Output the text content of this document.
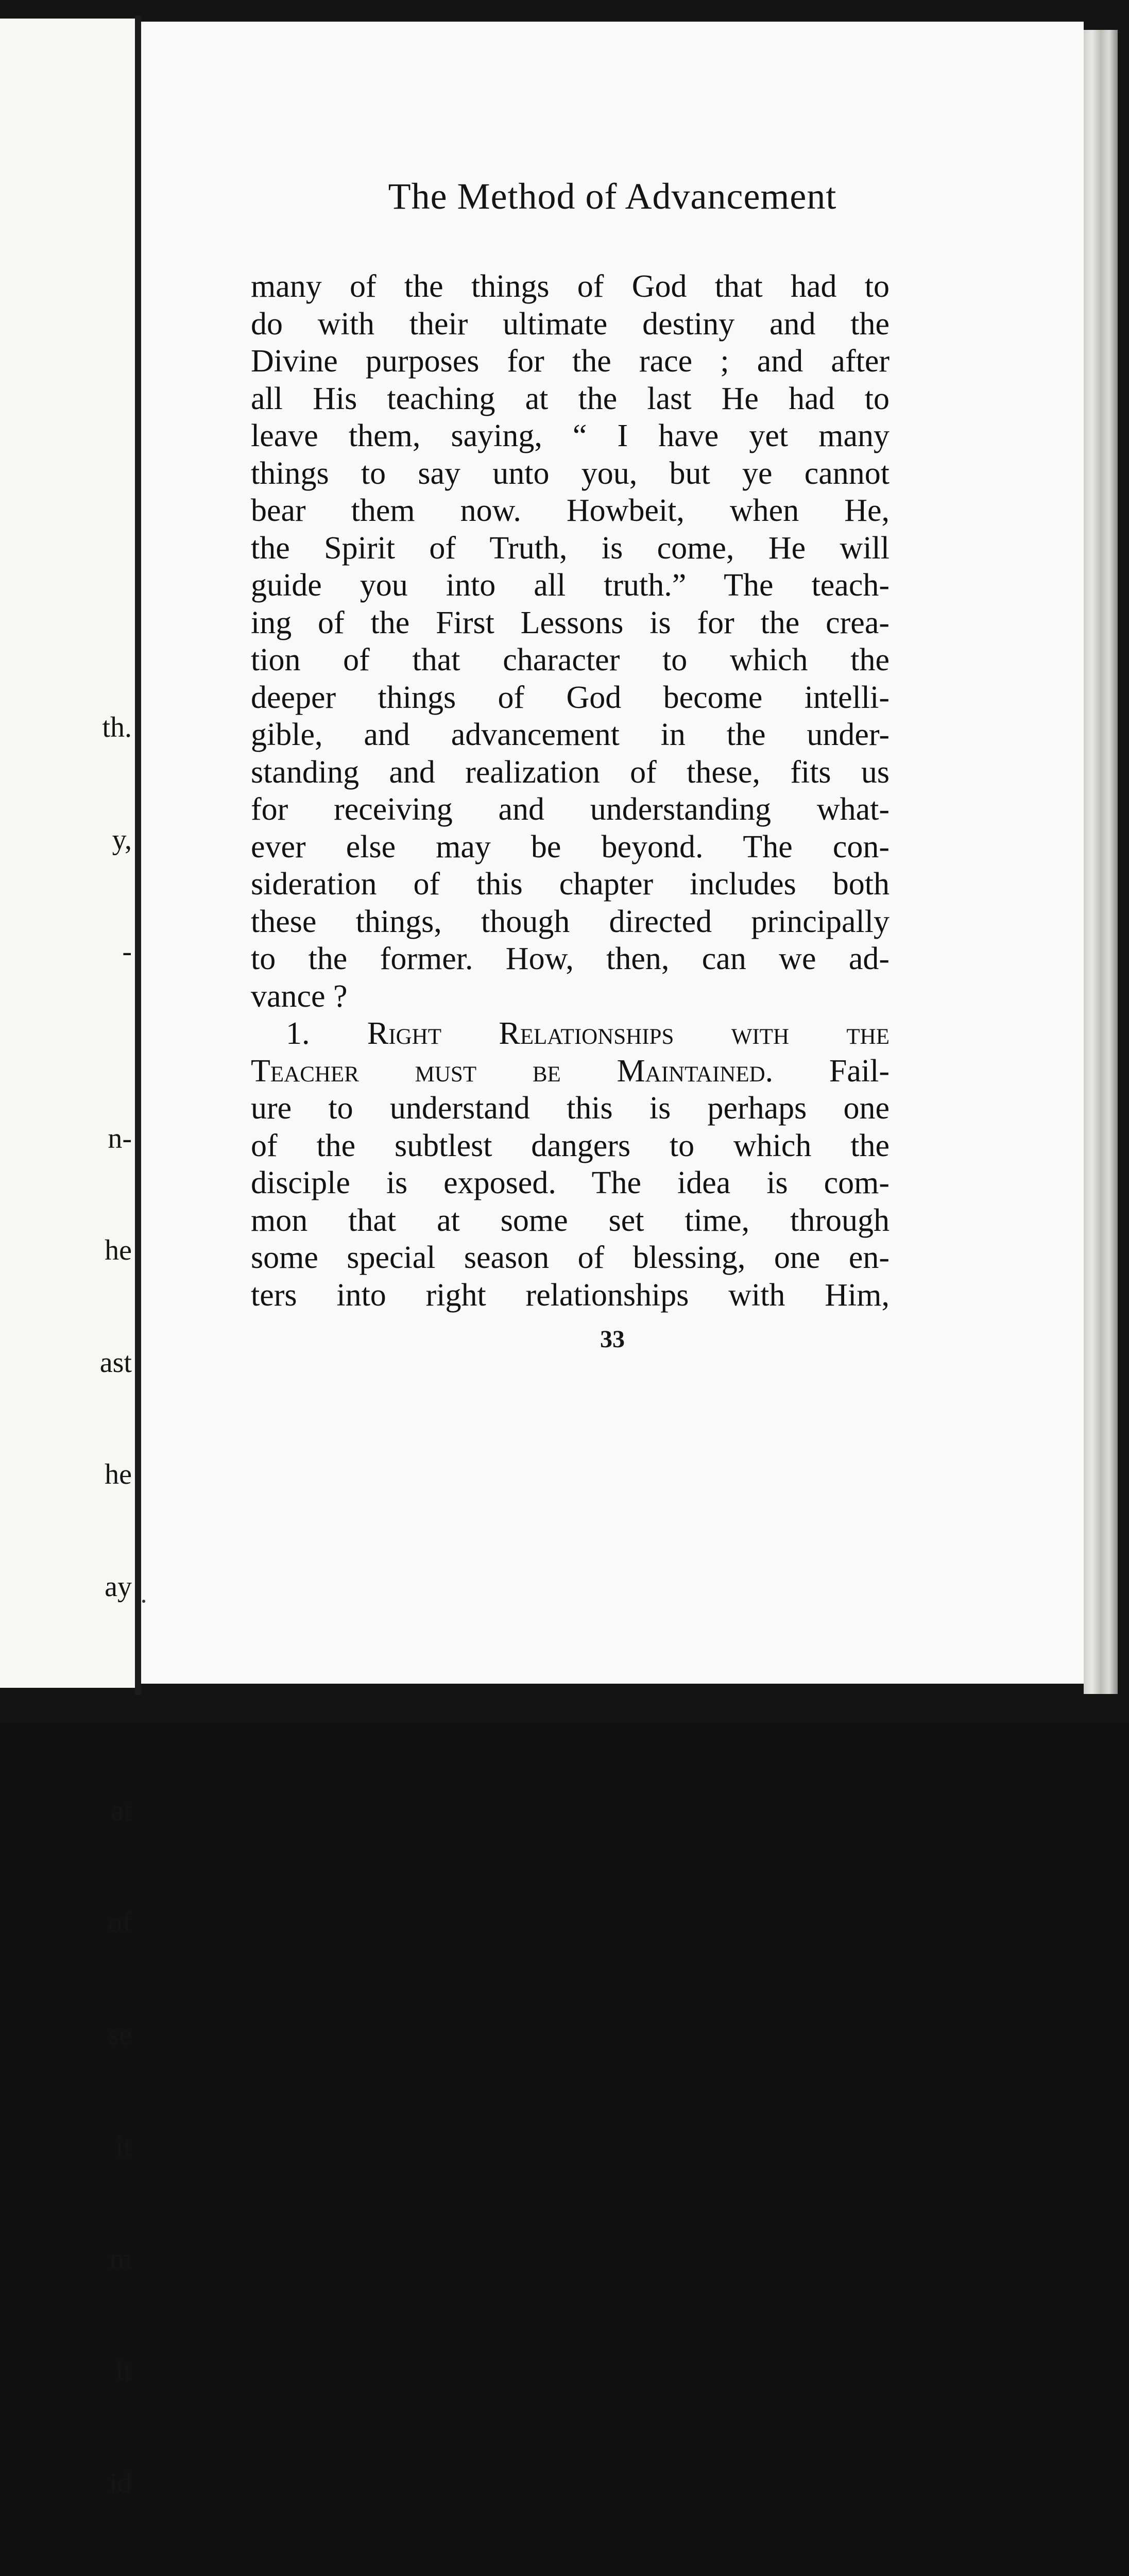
th.

y,

-

n-

he

ast

he

ay

er

at

of

se

it

m

it

id

The Method of Advancement
many of the things of God that had to
do with their ultimate destiny and the
Divine purposes for the race ; and after
all His teaching at the last He had to
leave them, saying, “ I have yet many
things to say unto you, but ye cannot
bear them now. Howbeit, when He,
the Spirit of Truth, is come, He will
guide you into all truth.” The teach-
ing of the First Lessons is for the crea-
tion of that character to which the
deeper things of God become intelli-
gible, and advancement in the under-
standing and realization of these, fits us
for receiving and understanding what-
ever else may be beyond. The con-
sideration of this chapter includes both
these things, though directed principally
to the former. How, then, can we ad-
vance ?
1. Right Relationships with the
Teacher must be Maintained. Fail-
ure to understand this is perhaps one
of the subtlest dangers to which the
disciple is exposed. The idea is com-
mon that at some set time, through
some special season of blessing, one en-
ters into right relationships with Him,
33
